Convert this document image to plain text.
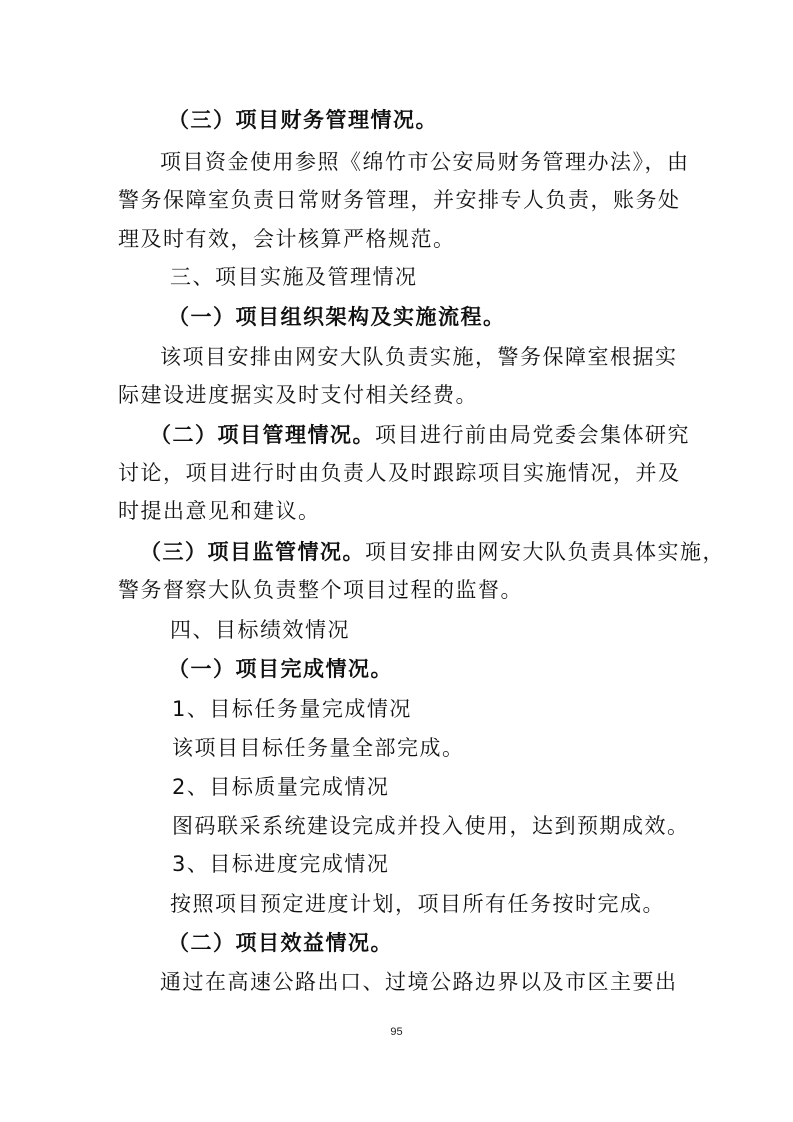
（三）项目财务管理情况。
项目资金使用参照《绵竹市公安局财务管理办法》，由
警务保障室负责日常财务管理，并安排专人负责，账务处
理及时有效，会计核算严格规范。
三、项目实施及管理情况
（一）项目组织架构及实施流程。
该项目安排由网安大队负责实施，警务保障室根据实
际建设进度据实及时支付相关经费。
（二）项目管理情况。项目进行前由局党委会集体研究
讨论，项目进行时由负责人及时跟踪项目实施情况，并及
时提出意见和建议。
（三）项目监管情况。项目安排由网安大队负责具体实施，
警务督察大队负责整个项目过程的监督。
四、目标绩效情况
（一）项目完成情况。
1、目标任务量完成情况
该项目目标任务量全部完成。
2、目标质量完成情况
图码联采系统建设完成并投入使用，达到预期成效。
3、目标进度完成情况
按照项目预定进度计划，项目所有任务按时完成。
（二）项目效益情况。
通过在高速公路出口、过境公路边界以及市区主要出
95
